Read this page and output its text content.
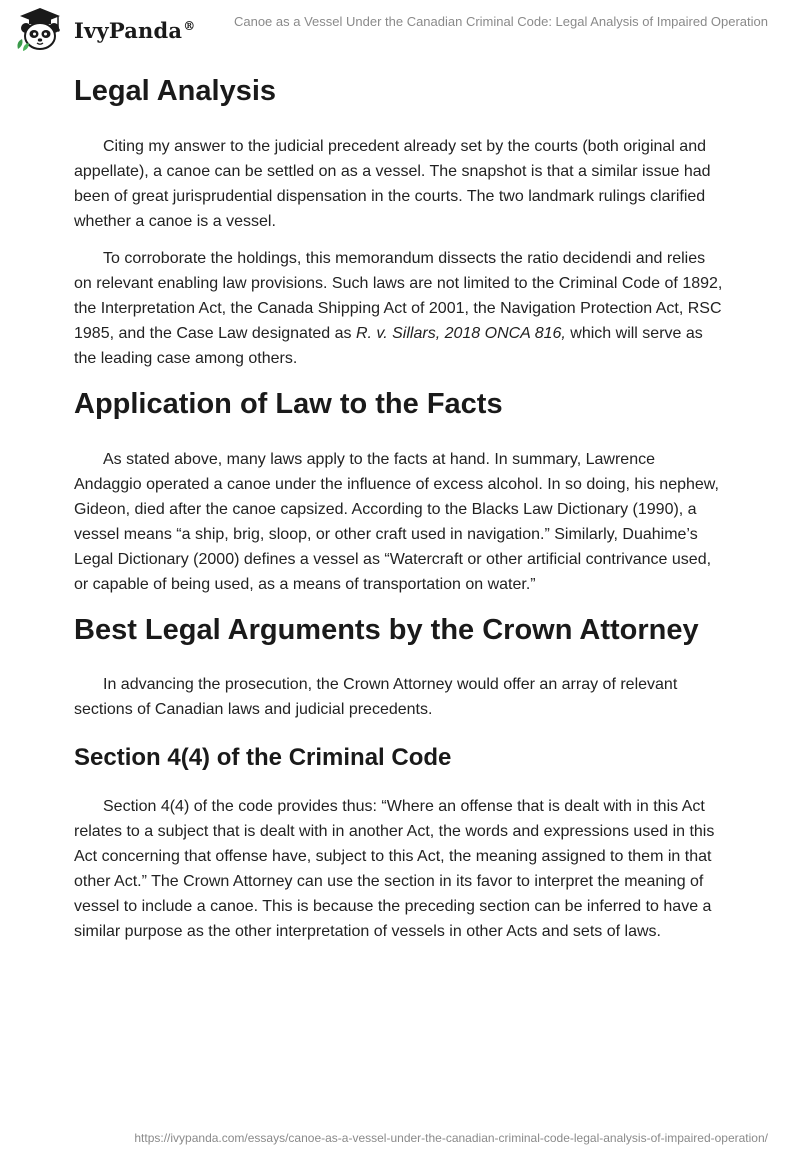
IvyPanda®	Canoe as a Vessel Under the Canadian Criminal Code: Legal Analysis of Impaired Operation
Legal Analysis

Citing my answer to the judicial precedent already set by the courts (both original and appellate), a canoe can be settled on as a vessel. The snapshot is that a similar issue had been of great jurisprudential dispensation in the courts. The two landmark rulings clarified whether a canoe is a vessel.

To corroborate the holdings, this memorandum dissects the ratio decidendi and relies on relevant enabling law provisions. Such laws are not limited to the Criminal Code of 1892, the Interpretation Act, the Canada Shipping Act of 2001, the Navigation Protection Act, RSC 1985, and the Case Law designated as R. v. Sillars, 2018 ONCA 816, which will serve as the leading case among others.

Application of Law to the Facts

As stated above, many laws apply to the facts at hand. In summary, Lawrence Andaggio operated a canoe under the influence of excess alcohol. In so doing, his nephew, Gideon, died after the canoe capsized. According to the Blacks Law Dictionary (1990), a vessel means “a ship, brig, sloop, or other craft used in navigation.” Similarly, Duahime’s Legal Dictionary (2000) defines a vessel as “Watercraft or other artificial contrivance used, or capable of being used, as a means of transportation on water.”

Best Legal Arguments by the Crown Attorney

In advancing the prosecution, the Crown Attorney would offer an array of relevant sections of Canadian laws and judicial precedents.

Section 4(4) of the Criminal Code

Section 4(4) of the code provides thus: “Where an offense that is dealt with in this Act relates to a subject that is dealt with in another Act, the words and expressions used in this Act concerning that offense have, subject to this Act, the meaning assigned to them in that other Act.” The Crown Attorney can use the section in its favor to interpret the meaning of vessel to include a canoe. This is because the preceding section can be inferred to have a similar purpose as the other interpretation of vessels in other Acts and sets of laws.

https://ivypanda.com/essays/canoe-as-a-vessel-under-the-canadian-criminal-code-legal-analysis-of-impaired-operation/
